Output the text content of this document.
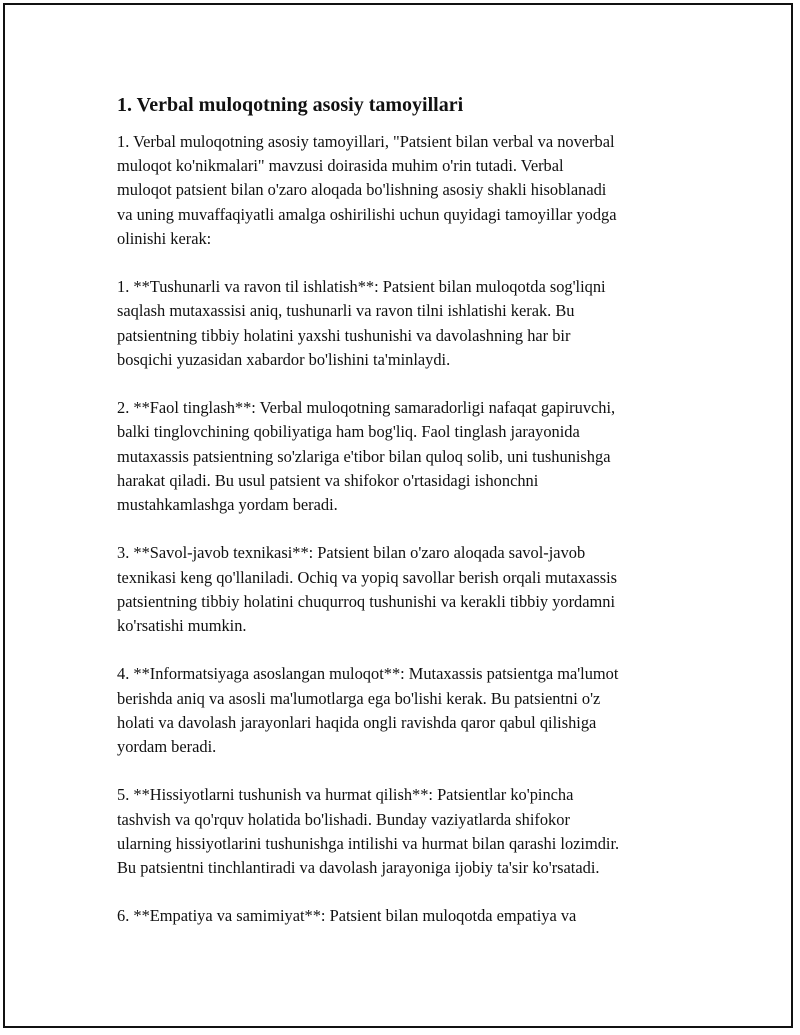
1. Verbal muloqotning asosiy tamoyillari
1. Verbal muloqotning asosiy tamoyillari, "Patsient bilan verbal va noverbal
muloqot ko'nikmalari" mavzusi doirasida muhim o'rin tutadi. Verbal
muloqot patsient bilan o'zaro aloqada bo'lishning asosiy shakli hisoblanadi
va uning muvaffaqiyatli amalga oshirilishi uchun quyidagi tamoyillar yodga
olinishi kerak:
1. **Tushunarli va ravon til ishlatish**: Patsient bilan muloqotda sog'liqni
saqlash mutaxassisi aniq, tushunarli va ravon tilni ishlatishi kerak. Bu
patsientning tibbiy holatini yaxshi tushunishi va davolashning har bir
bosqichi yuzasidan xabardor bo'lishini ta'minlaydi.
2. **Faol tinglash**: Verbal muloqotning samaradorligi nafaqat gapiruvchi,
balki tinglovchining qobiliyatiga ham bog'liq. Faol tinglash jarayonida
mutaxassis patsientning so'zlariga e'tibor bilan quloq solib, uni tushunishga
harakat qiladi. Bu usul patsient va shifokor o'rtasidagi ishonchni
mustahkamlashga yordam beradi.
3. **Savol-javob texnikasi**: Patsient bilan o'zaro aloqada savol-javob
texnikasi keng qo'llaniladi. Ochiq va yopiq savollar berish orqali mutaxassis
patsientning tibbiy holatini chuqurroq tushunishi va kerakli tibbiy yordamni
ko'rsatishi mumkin.
4. **Informatsiyaga asoslangan muloqot**: Mutaxassis patsientga ma'lumot
berishda aniq va asosli ma'lumotlarga ega bo'lishi kerak. Bu patsientni o'z
holati va davolash jarayonlari haqida ongli ravishda qaror qabul qilishiga
yordam beradi.
5. **Hissiyotlarni tushunish va hurmat qilish**: Patsientlar ko'pincha
tashvish va qo'rquv holatida bo'lishadi. Bunday vaziyatlarda shifokor
ularning hissiyotlarini tushunishga intilishi va hurmat bilan qarashi lozimdir.
Bu patsientni tinchlantiradi va davolash jarayoniga ijobiy ta'sir ko'rsatadi.
6. **Empatiya va samimiyat**: Patsient bilan muloqotda empatiya va
